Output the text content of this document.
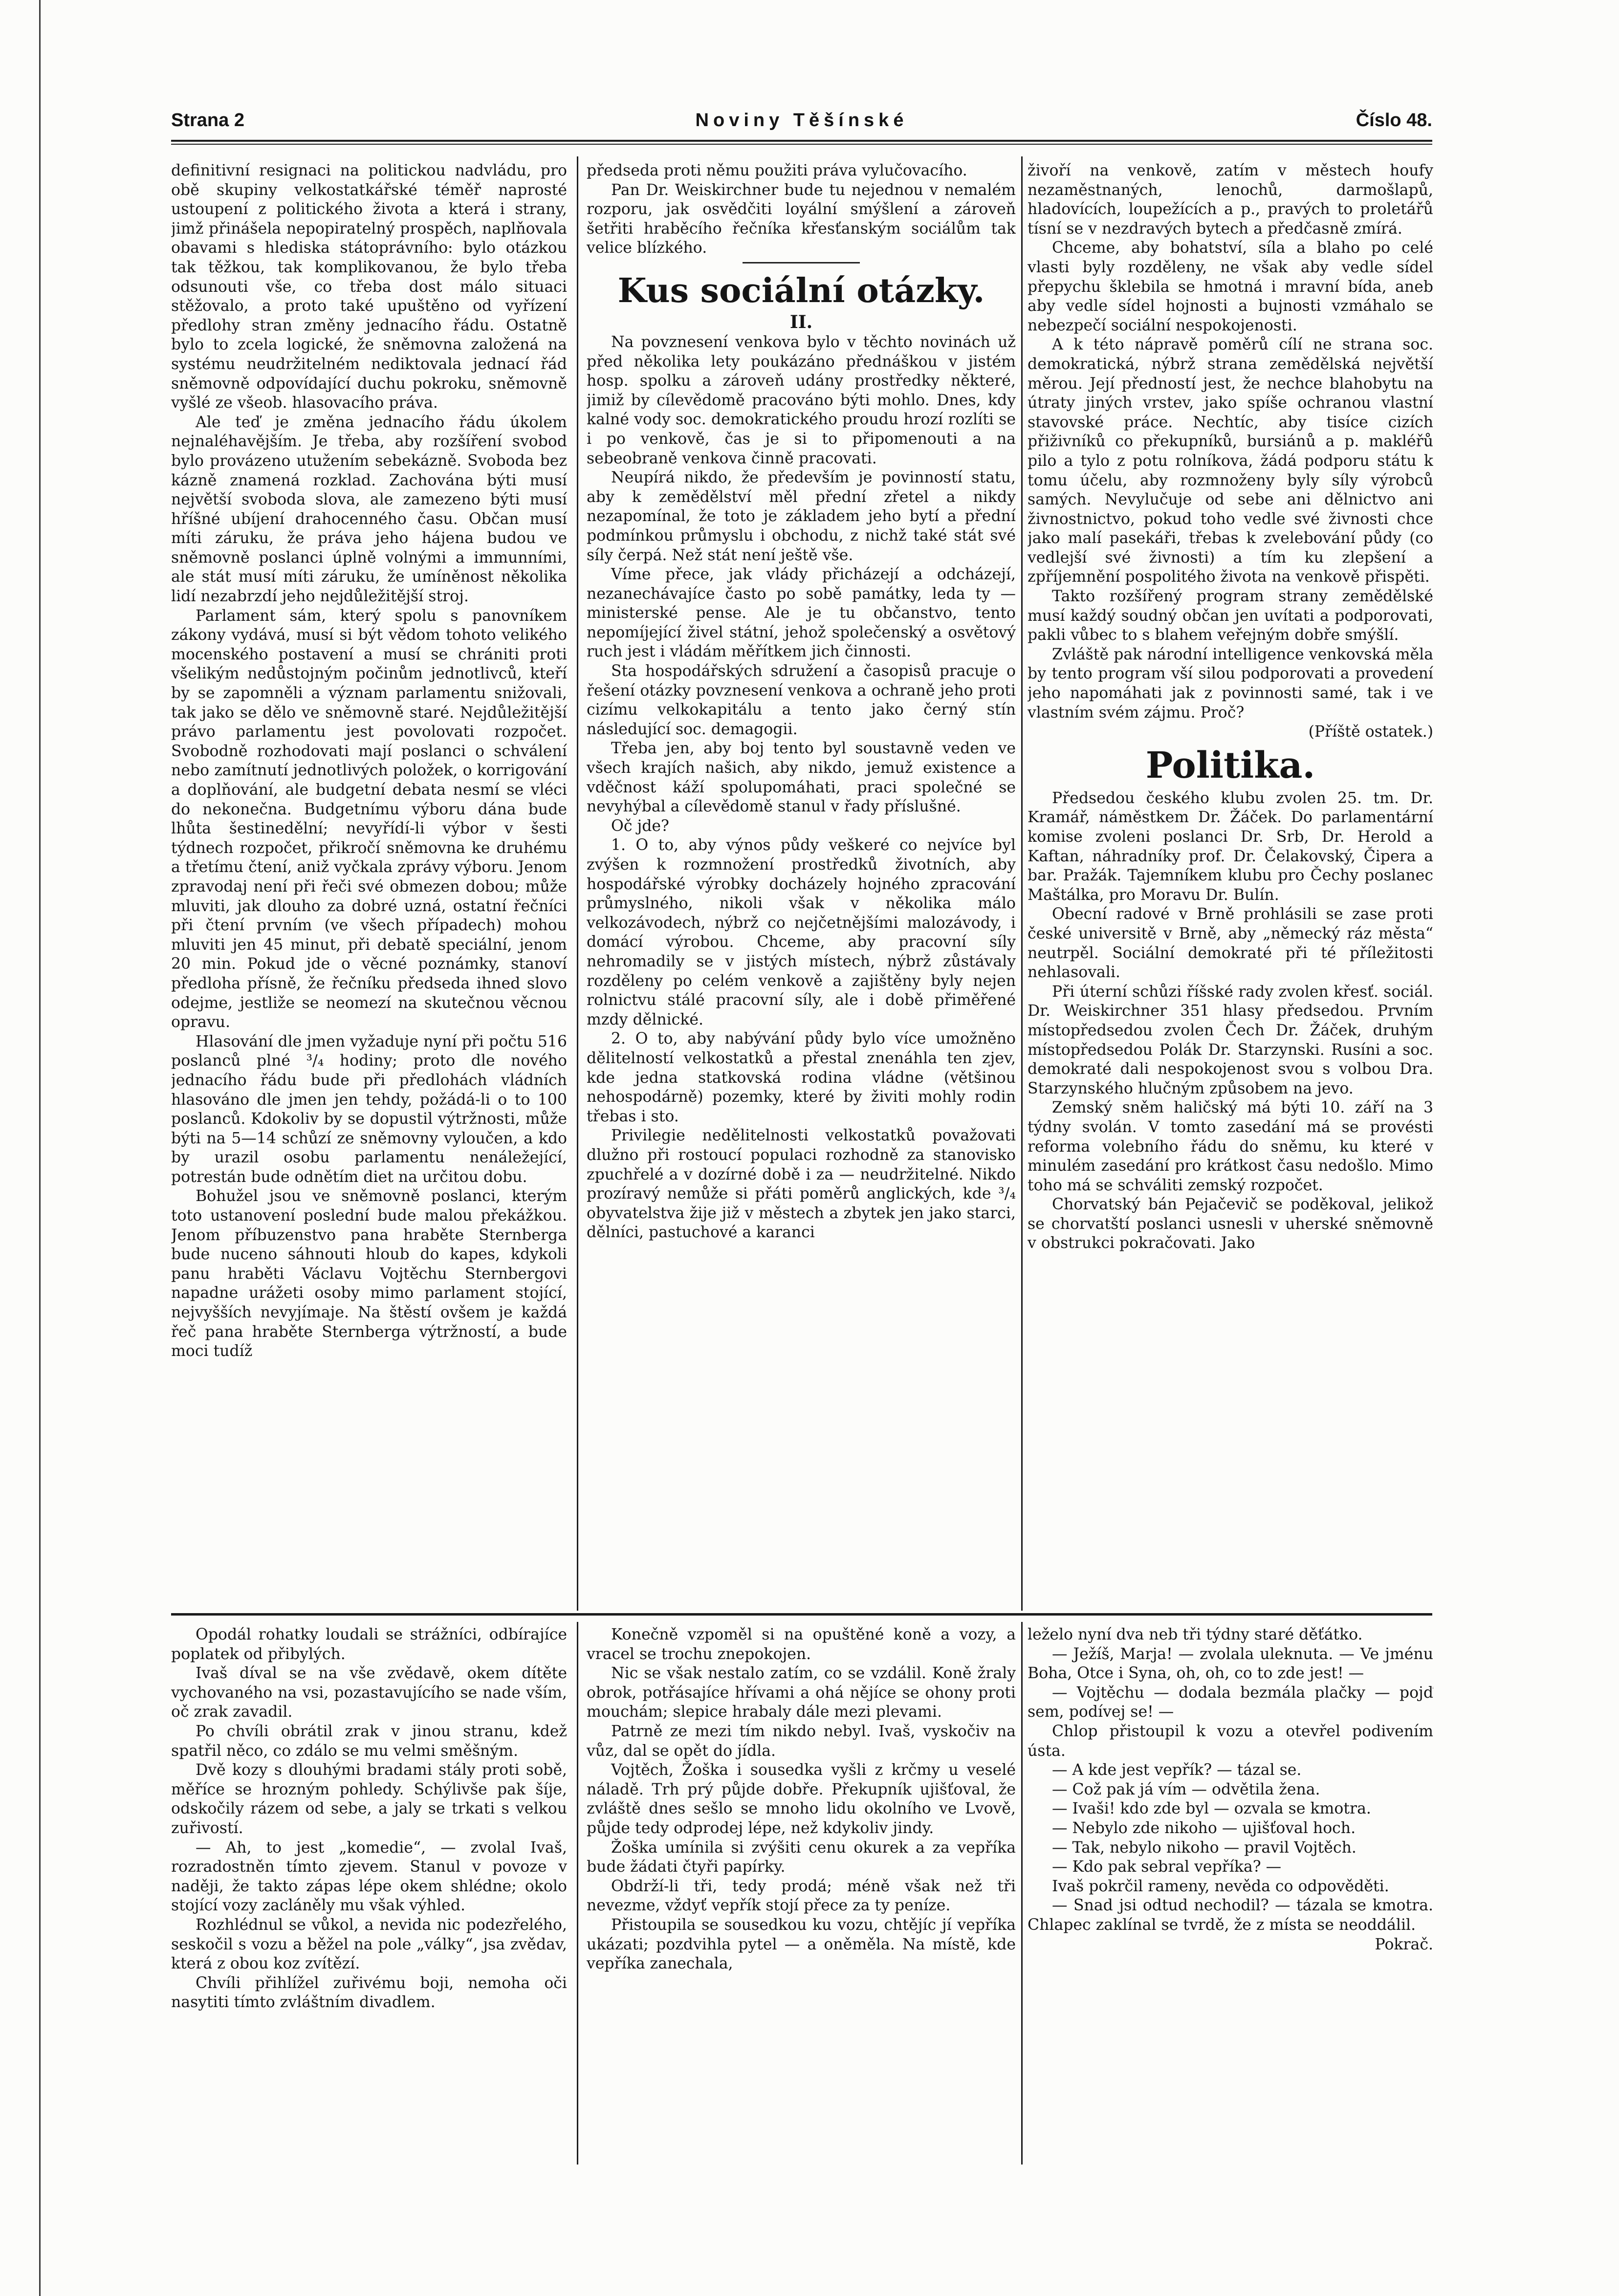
Strana 2	Noviny Těšínské	Číslo 48.

definitivní resignaci na politickou nadvládu, pro obě skupiny velkostatkářské téměř naprosté ustoupení z politického života a která i strany, jimž přinášela nepopiratelný prospěch, naplňovala obavami s hlediska státoprávního: bylo otázkou tak těžkou, tak komplikovanou, že bylo třeba odsunouti vše, co třeba dost málo situaci stěžovalo, a proto také upuštěno od vyřízení předlohy stran změny jednacího řádu. Ostatně bylo to zcela logické, že sněmovna založená na systému neudržitelném nediktovala jednací řád sněmovně odpovídající duchu pokroku, sněmovně vyšlé ze všeob. hlasovacího práva.

Ale teď je změna jednacího řádu úkolem nejnaléhavějším. Je třeba, aby rozšíření svobod bylo provázeno utužením sebekázně. Svoboda bez kázně znamená rozklad. Zachována býti musí největší svoboda slova, ale zamezeno býti musí hříšné ubíjení drahocenného času. Občan musí míti záruku, že práva jeho hájena budou ve sněmovně poslanci úplně volnými a immunními, ale stát musí míti záruku, že umíněnost několika lidí nezabrzdí jeho nejdůležitější stroj.

Parlament sám, který spolu s panovníkem zákony vydává, musí si být vědom tohoto velikého mocenského postavení a musí se chrániti proti všelikým nedůstojným počinům jednotlivců, kteří by se zapomněli a význam parlamentu snižovali, tak jako se dělo ve sněmovně staré. Nejdůležitější právo parlamentu jest povolovati rozpočet. Svobodně rozhodovati mají poslanci o schválení nebo zamítnutí jednotlivých položek, o korrigování a doplňování, ale budgetní debata nesmí se vléci do nekonečna. Budgetnímu výboru dána bude lhůta šestinedělní; nevyřídí-li výbor v šesti týdnech rozpočet, přikročí sněmovna ke druhému a třetímu čtení, aniž vyčkala zprávy výboru. Jenom zpravodaj není při řeči své obmezen dobou; může mluviti, jak dlouho za dobré uzná, ostatní řečníci při čtení prvním (ve všech případech) mohou mluviti jen 45 minut, při debatě speciální, jenom 20 min. Pokud jde o věcné poznámky, stanoví předloha přísně, že řečníku předseda ihned slovo odejme, jestliže se neomezí na skutečnou věcnou opravu.

Hlasování dle jmen vyžaduje nyní při počtu 516 poslanců plné ³/₄ hodiny; proto dle nového jednacího řádu bude při předlohách vládních hlasováno dle jmen jen tehdy, požádá-li o to 100 poslanců. Kdokoliv by se dopustil výtržnosti, může býti na 5—14 schůzí ze sněmovny vyloučen, a kdo by urazil osobu parlamentu nenáležející, potrestán bude odnětím diet na určitou dobu.

Bohužel jsou ve sněmovně poslanci, kterým toto ustanovení poslední bude malou překážkou. Jenom příbuzenstvo pana hraběte Sternberga bude nuceno sáhnouti hloub do kapes, kdykoli panu hraběti Václavu Vojtěchu Sternbergovi napadne urážeti osoby mimo parlament stojící, nejvyšších nevyjímaje. Na štěstí ovšem je každá řeč pana hraběte Sternberga výtržností, a bude moci tudíž

předseda proti němu použiti práva vylučovacího.

Pan Dr. Weiskirchner bude tu nejednou v nemalém rozporu, jak osvědčiti loyální smýšlení a zároveň šetřiti hraběcího řečníka křesťanským sociálům tak velice blízkého.

Kus sociální otázky.

II.

Na povznesení venkova bylo v těchto novinách už před několika lety poukázáno přednáškou v jistém hosp. spolku a zároveň udány prostředky některé, jimiž by cílevědomě pracováno býti mohlo. Dnes, kdy kalné vody soc. demokratického proudu hrozí rozlíti se i po venkově, čas je si to připomenouti a na sebeobraně venkova činně pracovati.

Neupírá nikdo, že především je povinností statu, aby k zemědělství měl přední zřetel a nikdy nezapomínal, že toto je základem jeho bytí a přední podmínkou průmyslu i obchodu, z nichž také stát své síly čerpá. Než stát není ještě vše.

Víme přece, jak vlády přicházejí a odcházejí, nezanechávajíce často po sobě památky, leda ty — ministerské pense. Ale je tu občanstvo, tento nepomíjející živel státní, jehož společenský a osvětový ruch jest i vládám měřítkem jich činnosti.

Sta hospodářských sdružení a časopisů pracuje o řešení otázky povznesení venkova a ochraně jeho proti cizímu velkokapitálu a tento jako černý stín následující soc. demagogii.

Třeba jen, aby boj tento byl soustavně veden ve všech krajích našich, aby nikdo, jemuž existence a vděčnost káží spolupomáhati, praci společné se nevyhýbal a cílevědomě stanul v řady příslušné.

Oč jde?

1. O to, aby výnos půdy veškeré co nejvíce byl zvýšen k rozmnožení prostředků životních, aby hospodářské výrobky docházely hojného zpracování průmyslného, nikoli však v několika málo velkozávodech, nýbrž co nejčetnějšími malozávody, i domácí výrobou. Chceme, aby pracovní síly nehromadily se v jistých místech, nýbrž zůstávaly rozděleny po celém venkově a zajištěny byly nejen rolnictvu stálé pracovní síly, ale i době přiměřené mzdy dělnické.

2. O to, aby nabývání půdy bylo více umožněno dělitelností velkostatků a přestal znenáhla ten zjev, kde jedna statkovská rodina vládne (většinou nehospodárně) pozemky, které by živiti mohly rodin třebas i sto.

Privilegie nedělitelnosti velkostatků považovati dlužno při rostoucí populaci rozhodně za stanovisko zpuchřelé a v dozírné době i za — neudržitelné. Nikdo prozíravý nemůže si přáti poměrů anglických, kde ³/₄ obyvatelstva žije již v městech a zbytek jen jako starci, dělníci, pastuchové a karanci

živoří na venkově, zatím v městech houfy nezaměstnaných, lenochů, darmošlapů, hladovících, loupežících a p., pravých to proletářů tísní se v nezdravých bytech a předčasně zmírá.

Chceme, aby bohatství, síla a blaho po celé vlasti byly rozděleny, ne však aby vedle sídel přepychu šklebila se hmotná i mravní bída, aneb aby vedle sídel hojnosti a bujnosti vzmáhalo se nebezpečí sociální nespokojenosti.

A k této nápravě poměrů cílí ne strana soc. demokratická, nýbrž strana zemědělská největší měrou. Její předností jest, že nechce blahobytu na útraty jiných vrstev, jako spíše ochranou vlastní stavovské práce. Nechtíc, aby tisíce cizích přiživníků co překupníků, bursiánů a p. makléřů pilo a tylo z potu rolníkova, žádá podporu státu k tomu účelu, aby rozmnoženy byly síly výrobců samých. Nevylučuje od sebe ani dělnictvo ani živnostnictvo, pokud toho vedle své živnosti chce jako malí pasekáři, třebas k zvelebování půdy (co vedlejší své živnosti) a tím ku zlepšení a zpříjemnění pospolitého života na venkově přispěti.

Takto rozšířený program strany zemědělské musí každý soudný občan jen uvítati a podporovati, pakli vůbec to s blahem veřejným dobře smýšlí.

Zvláště pak národní intelligence venkovská měla by tento program vší silou podporovati a provedení jeho napomáhati jak z povinnosti samé, tak i ve vlastním svém zájmu. Proč?

(Příště ostatek.)

Politika.

Předsedou českého klubu zvolen 25. tm. Dr. Kramář, náměstkem Dr. Žáček. Do parlamentární komise zvoleni poslanci Dr. Srb, Dr. Herold a Kaftan, náhradníky prof. Dr. Čelakovský, Čipera a bar. Pražák. Tajemníkem klubu pro Čechy poslanec Maštálka, pro Moravu Dr. Bulín.

Obecní radové v Brně prohlásili se zase proti české universitě v Brně, aby „německý ráz města“ neutrpěl. Sociální demokraté při té příležitosti nehlasovali.

Při úterní schůzi říšské rady zvolen křesť. sociál. Dr. Weiskirchner 351 hlasy předsedou. Prvním místopředsedou zvolen Čech Dr. Žáček, druhým místopředsedou Polák Dr. Starzynski. Rusíni a soc. demokraté dali nespokojenost svou s volbou Dra. Starzynského hlučným způsobem na jevo.

Zemský sněm haličský má býti 10. září na 3 týdny svolán. V tomto zasedání má se provésti reforma volebního řádu do sněmu, ku které v minulém zasedání pro krátkost času nedošlo. Mimo toho má se schváliti zemský rozpočet.

Chorvatský bán Pejačevič se poděkoval, jelikož se chorvatští poslanci usnesli v uherské sněmovně v obstrukci pokračovati. Jako

Opodál rohatky loudali se strážníci, odbírajíce poplatek od přibylých.

Ivaš díval se na vše zvědavě, okem dítěte vychovaného na vsi, pozastavujícího se nade vším, oč zrak zavadil.

Po chvíli obrátil zrak v jinou stranu, kdež spatřil něco, co zdálo se mu velmi směšným.

Dvě kozy s dlouhými bradami stály proti sobě, měříce se hrozným pohledy. Schýlivše pak šíje, odskočily rázem od sebe, a jaly se trkati s velkou zuřivostí.

— Ah, to jest „komedie“, — zvolal Ivaš, rozradostněn tímto zjevem. Stanul v povoze v naději, že takto zápas lépe okem shlédne; okolo stojící vozy zacláněly mu však výhled.

Rozhlédnul se vůkol, a nevida nic podezřelého, seskočil s vozu a běžel na pole „války“, jsa zvědav, která z obou koz zvítězí.

Chvíli přihlížel zuřivému boji, nemoha oči nasytiti tímto zvláštním divadlem.

Konečně vzpoměl si na opuštěné koně a vozy, a vracel se trochu znepokojen.

Nic se však nestalo zatím, co se vzdálil. Koně žraly obrok, potřásajíce hřívami a ohá nějíce se ohony proti mouchám; slepice hrabaly dále mezi plevami.

Patrně ze mezi tím nikdo nebyl. Ivaš, vyskočiv na vůz, dal se opět do jídla.

Vojtěch, Žoška i sousedka vyšli z krčmy u veselé náladě. Trh prý půjde dobře. Překupník ujišťoval, že zvláště dnes sešlo se mnoho lidu okolního ve Lvově, půjde tedy odprodej lépe, než kdykoliv jindy.

Žoška umínila si zvýšiti cenu okurek a za vepříka bude žádati čtyři papírky.

Obdrží-li tři, tedy prodá; méně však než tři nevezme, vždyť vepřík stojí přece za ty peníze.

Přistoupila se sousedkou ku vozu, chtějíc jí vepříka ukázati; pozdvihla pytel — a oněměla. Na místě, kde vepříka zanechala,

leželo nyní dva neb tři týdny staré děťátko.

— Ježíš, Marja! — zvolala uleknuta. — Ve jménu Boha, Otce i Syna, oh, oh, co to zde jest! —

— Vojtěchu — dodala bezmála plačky — pojď sem, podívej se! —

Chlop přistoupil k vozu a otevřel podivením ústa.

— A kde jest vepřík? — tázal se.

— Což pak já vím — odvětila žena.

— Ivaši! kdo zde byl — ozvala se kmotra.

— Nebylo zde nikoho — ujišťoval hoch.

— Tak, nebylo nikoho — pravil Vojtěch.

— Kdo pak sebral vepříka? —

Ivaš pokrčil rameny, nevěda co odpověděti.

— Snad jsi odtud nechodil? — tázala se kmotra. Chlapec zaklínal se tvrdě, že z místa se neoddálil.

Pokrač.
